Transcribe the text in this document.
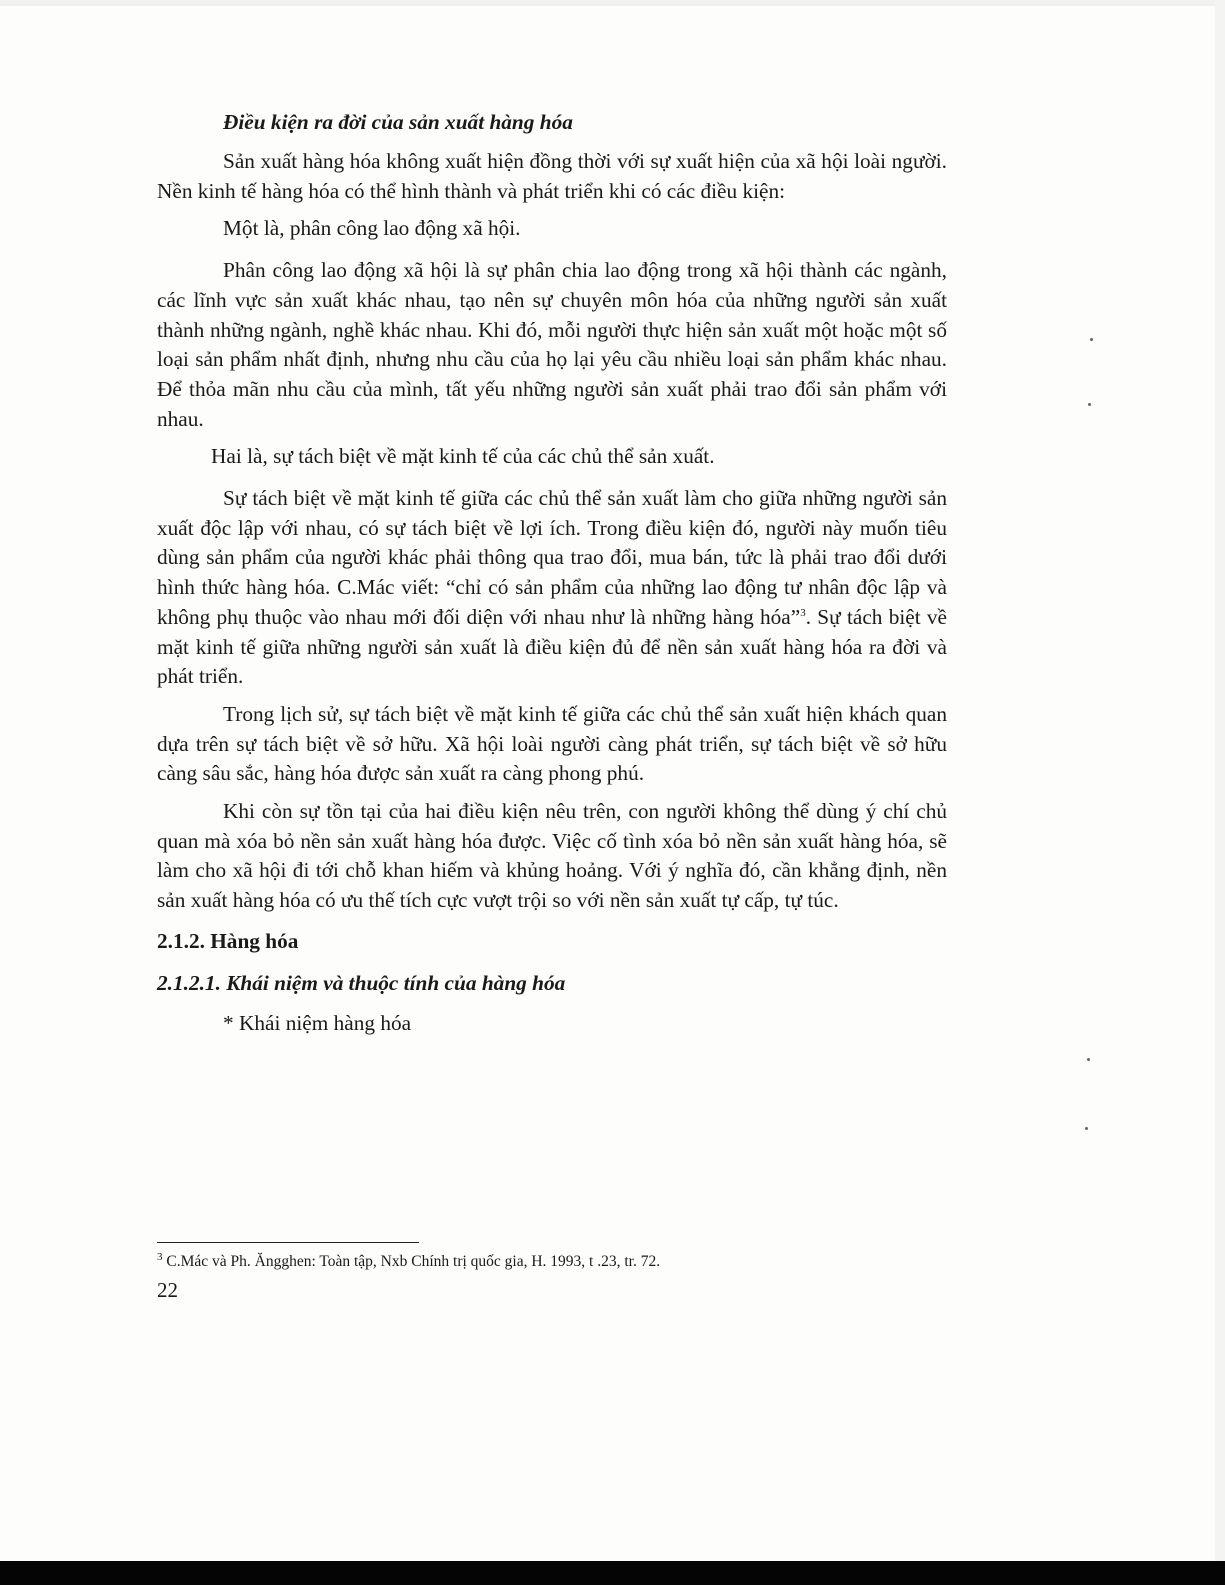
Điều kiện ra đời của sản xuất hàng hóa

Sản xuất hàng hóa không xuất hiện đồng thời với sự xuất hiện của xã hội loài người. Nền kinh tế hàng hóa có thể hình thành và phát triển khi có các điều kiện:

Một là, phân công lao động xã hội.

Phân công lao động xã hội là sự phân chia lao động trong xã hội thành các ngành, các lĩnh vực sản xuất khác nhau, tạo nên sự chuyên môn hóa của những người sản xuất thành những ngành, nghề khác nhau. Khi đó, mỗi người thực hiện sản xuất một hoặc một số loại sản phẩm nhất định, nhưng nhu cầu của họ lại yêu cầu nhiều loại sản phẩm khác nhau. Để thỏa mãn nhu cầu của mình, tất yếu những người sản xuất phải trao đổi sản phẩm với nhau.

Hai là, sự tách biệt về mặt kinh tế của các chủ thể sản xuất.

Sự tách biệt về mặt kinh tế giữa các chủ thể sản xuất làm cho giữa những người sản xuất độc lập với nhau, có sự tách biệt về lợi ích. Trong điều kiện đó, người này muốn tiêu dùng sản phẩm của người khác phải thông qua trao đổi, mua bán, tức là phải trao đổi dưới hình thức hàng hóa. C.Mác viết: “chỉ có sản phẩm của những lao động tư nhân độc lập và không phụ thuộc vào nhau mới đối diện với nhau như là những hàng hóa”$^3$. Sự tách biệt về mặt kinh tế giữa những người sản xuất là điều kiện đủ để nền sản xuất hàng hóa ra đời và phát triển.

Trong lịch sử, sự tách biệt về mặt kinh tế giữa các chủ thể sản xuất hiện khách quan dựa trên sự tách biệt về sở hữu. Xã hội loài người càng phát triển, sự tách biệt về sở hữu càng sâu sắc, hàng hóa được sản xuất ra càng phong phú.

Khi còn sự tồn tại của hai điều kiện nêu trên, con người không thể dùng ý chí chủ quan mà xóa bỏ nền sản xuất hàng hóa được. Việc cố tình xóa bỏ nền sản xuất hàng hóa, sẽ làm cho xã hội đi tới chỗ khan hiếm và khủng hoảng. Với ý nghĩa đó, cần khẳng định, nền sản xuất hàng hóa có ưu thế tích cực vượt trội so với nền sản xuất tự cấp, tự túc.

2.1.2. Hàng hóa
2.1.2.1. Khái niệm và thuộc tính của hàng hóa
* Khái niệm hàng hóa
$^3$ C.Mác và Ph. Ăngghen: Toàn tập, Nxb Chính trị quốc gia, H. 1993, t .23, tr. 72.
22
